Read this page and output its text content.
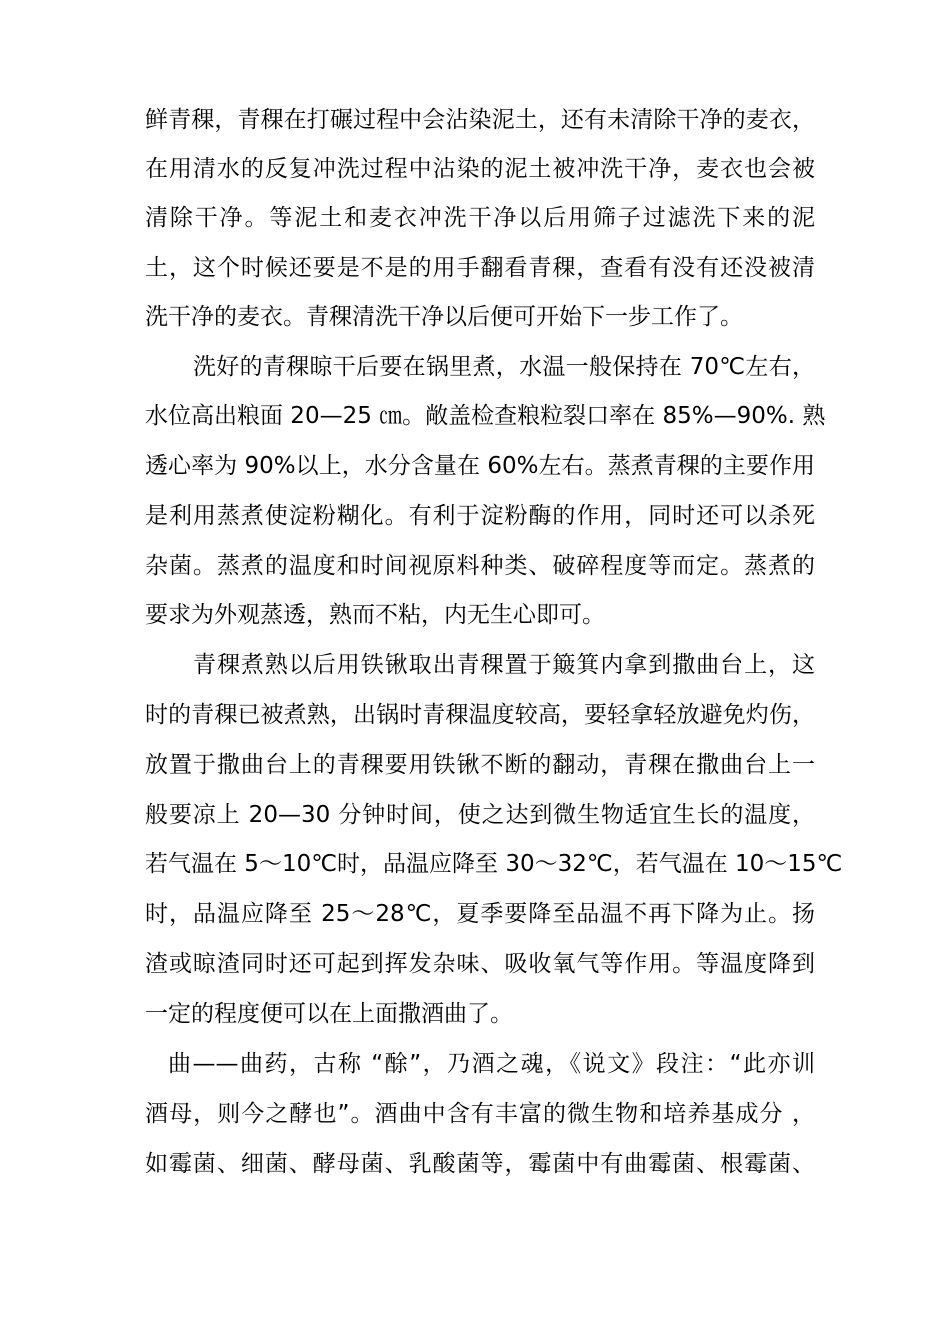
鲜青稞，青稞在打碾过程中会沾染泥土，还有未清除干净的麦衣，
在用清水的反复冲洗过程中沾染的泥土被冲洗干净，麦衣也会被
清除干净。等泥土和麦衣冲洗干净以后用筛子过滤洗下来的泥
土，这个时候还要是不是的用手翻看青稞，查看有没有还没被清
洗干净的麦衣。青稞清洗干净以后便可开始下一步工作了。
洗好的青稞晾干后要在锅里煮，水温一般保持在 70℃左右，
水位高出粮面 20—25 ㎝。敞盖检查粮粒裂口率在 85%—90%. 熟
透心率为 90%以上，水分含量在 60%左右。蒸煮青稞的主要作用
是利用蒸煮使淀粉糊化。有利于淀粉酶的作用，同时还可以杀死
杂菌。蒸煮的温度和时间视原料种类、破碎程度等而定。蒸煮的
要求为外观蒸透，熟而不粘，内无生心即可。
青稞煮熟以后用铁锹取出青稞置于簸箕内拿到撒曲台上，这
时的青稞已被煮熟，出锅时青稞温度较高，要轻拿轻放避免灼伤，
放置于撒曲台上的青稞要用铁锹不断的翻动，青稞在撒曲台上一
般要凉上 20—30 分钟时间，使之达到微生物适宜生长的温度，
若气温在 5～10℃时，品温应降至 30～32℃，若气温在 10～15℃
时，品温应降至 25～28℃，夏季要降至品温不再下降为止。扬
渣或晾渣同时还可起到挥发杂味、吸收氧气等作用。等温度降到
一定的程度便可以在上面撒酒曲了。
曲——曲药，古称 “酴”，乃酒之魂，《说文》段注：“此亦训
酒母，则今之酵也”。酒曲中含有丰富的微生物和培养基成分 ，
如霉菌、细菌、酵母菌、乳酸菌等，霉菌中有曲霉菌、根霉菌、
